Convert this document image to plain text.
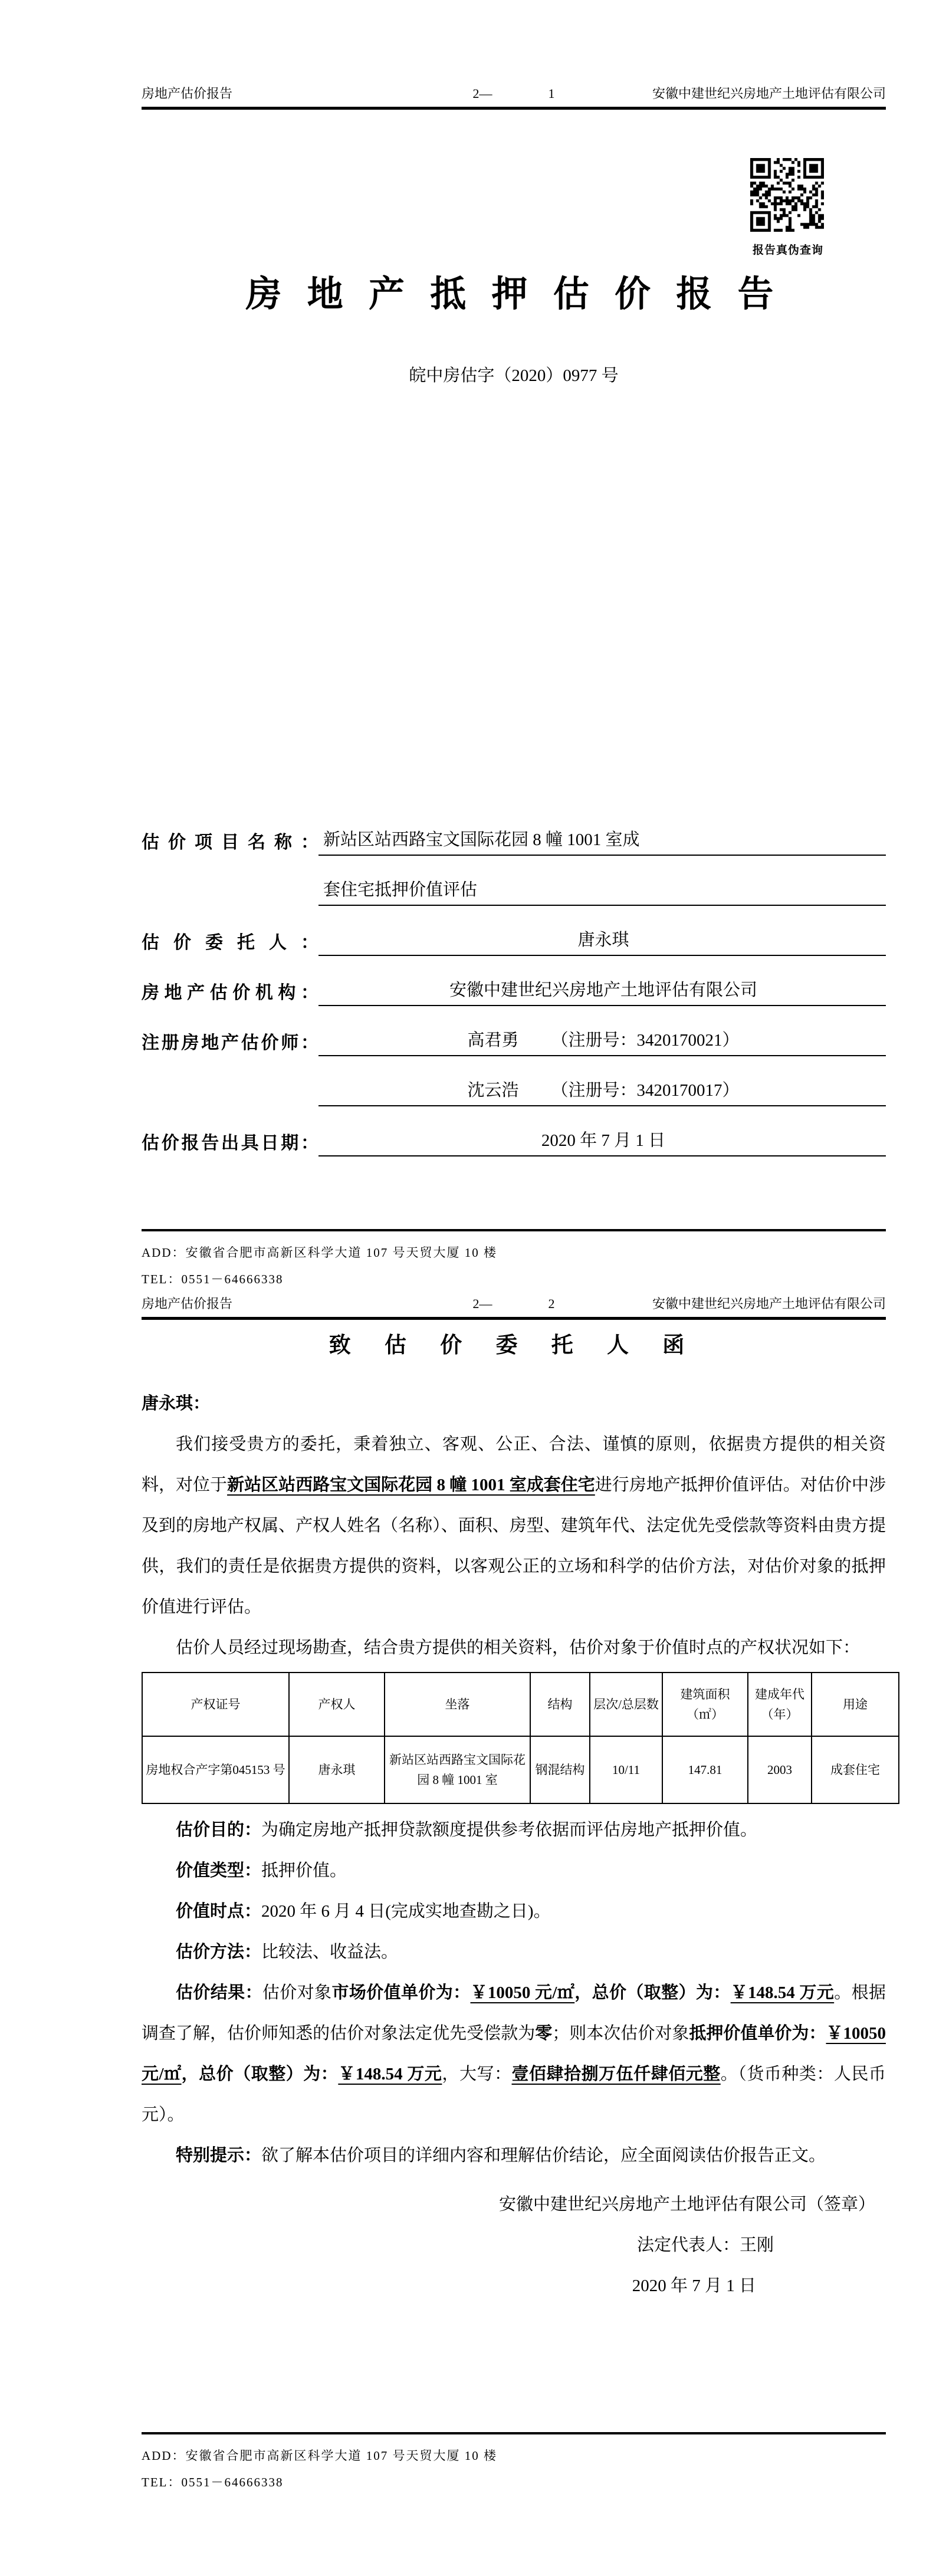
房地产估价报告	2—	1	安徽中建世纪兴房地产土地评估有限公司
报告真伪查询
房 地 产 抵 押 估 价 报 告
皖中房估字（2020）0977 号
估价项目名称： 新站区站西路宝文国际花园 8 幢 1001 室成
套住宅抵押价值评估
估价委托人：	唐永琪
房地产估价机构：	安徽中建世纪兴房地产土地评估有限公司
注册房地产估价师：	高君勇 （注册号：3420170021）
沈云浩 （注册号：3420170017）
估价报告出具日期：	2020 年 7 月 1 日
ADD：安徽省合肥市高新区科学大道 107 号天贸大厦 10 楼
TEL：0551－64666338
房地产估价报告	2—	2	安徽中建世纪兴房地产土地评估有限公司
致 估 价 委 托 人 函
唐永琪：

我们接受贵方的委托，秉着独立、客观、公正、合法、谨慎的原则，依据贵方提供的相关资料，对位于新站区站西路宝文国际花园 8 幢 1001 室成套住宅进行房地产抵押价值评估。对估价中涉及到的房地产权属、产权人姓名（名称）、面积、房型、建筑年代、法定优先受偿款等资料由贵方提供，我们的责任是依据贵方提供的资料，以客观公正的立场和科学的估价方法，对估价对象的抵押价值进行评估。

估价人员经过现场勘查，结合贵方提供的相关资料，估价对象于价值时点的产权状况如下：

产权证号	产权人	坐落	结构	层次/总层数	建筑面积（㎡）	建成年代（年）	用途
房地权合产字第045153 号	唐永琪	新站区站西路宝文国际花园 8 幢 1001 室	钢混结构	10/11	147.81	2003	成套住宅

估价目的：为确定房地产抵押贷款额度提供参考依据而评估房地产抵押价值。

价值类型：抵押价值。

价值时点：2020 年 6 月 4 日(完成实地查勘之日)。

估价方法：比较法、收益法。

估价结果：估价对象市场价值单价为：￥10050 元/㎡，总价（取整）为：￥148.54 万元。根据调查了解，估价师知悉的估价对象法定优先受偿款为零；则本次估价对象抵押价值单价为：￥10050 元/㎡，总价（取整）为：￥148.54 万元，大写：壹佰肆拾捌万伍仟肆佰元整。（货币种类：人民币元）。

特别提示：欲了解本估价项目的详细内容和理解估价结论，应全面阅读估价报告正文。

安徽中建世纪兴房地产土地评估有限公司（签章）
法定代表人：王刚
2020 年 7 月 1 日
ADD：安徽省合肥市高新区科学大道 107 号天贸大厦 10 楼
TEL：0551－64666338
